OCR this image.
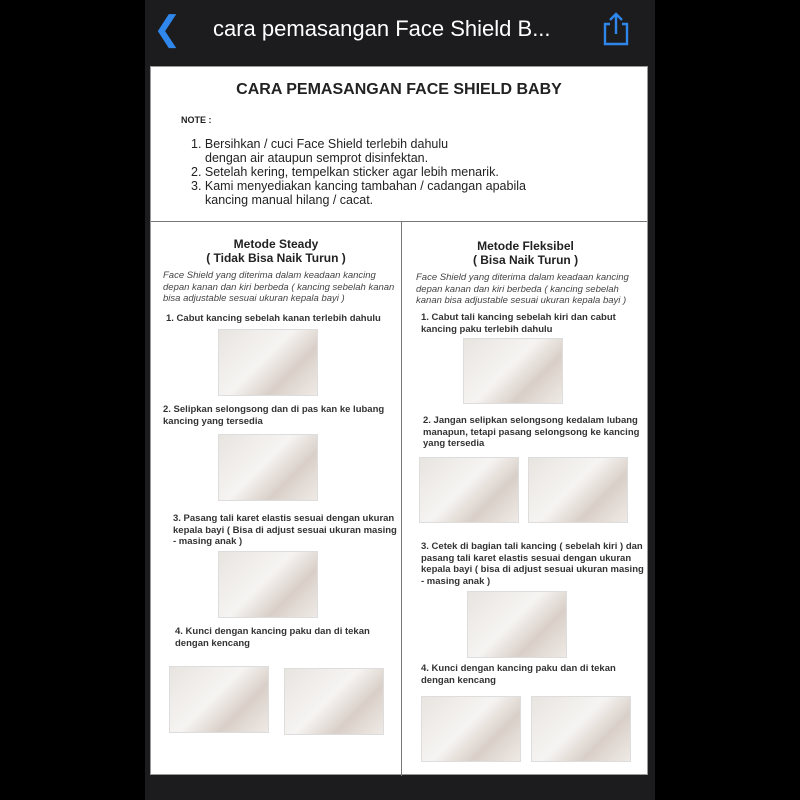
❮ cara pemasangan Face Shield B...
CARA PEMASANGAN FACE SHIELD BABY
NOTE :
1. Bersihkan / cuci Face Shield terlebih dahulu
dengan air ataupun semprot disinfektan.
2. Setelah kering, tempelkan sticker agar lebih menarik.
3. Kami menyediakan kancing tambahan / cadangan apabila
kancing manual hilang / cacat.
Metode Steady
( Tidak Bisa Naik Turun )
Face Shield yang diterima dalam keadaan kancing depan kanan dan kiri berbeda ( kancing sebelah kanan bisa adjustable sesuai ukuran kepala bayi )
1. Cabut kancing sebelah kanan terlebih dahulu
2. Selipkan selongsong dan di pas kan ke lubang kancing yang tersedia
3. Pasang tali karet elastis sesuai dengan ukuran kepala bayi ( Bisa di adjust sesuai ukuran masing - masing anak )
4. Kunci dengan kancing paku dan di tekan dengan kencang
Metode Fleksibel
( Bisa Naik Turun )
Face Shield yang diterima dalam keadaan kancing depan kanan dan kiri berbeda ( kancing sebelah kanan bisa adjustable sesuai ukuran kepala bayi )
1. Cabut tali kancing sebelah kiri dan cabut kancing paku terlebih dahulu
2. Jangan selipkan selongsong kedalam lubang manapun, tetapi pasang selongsong ke kancing yang tersedia
3. Cetek di bagian tali kancing ( sebelah kiri ) dan pasang tali karet elastis sesuai dengan ukuran kepala bayi ( bisa di adjust sesuai ukuran masing - masing anak )
4. Kunci dengan kancing paku dan di tekan dengan kencang
